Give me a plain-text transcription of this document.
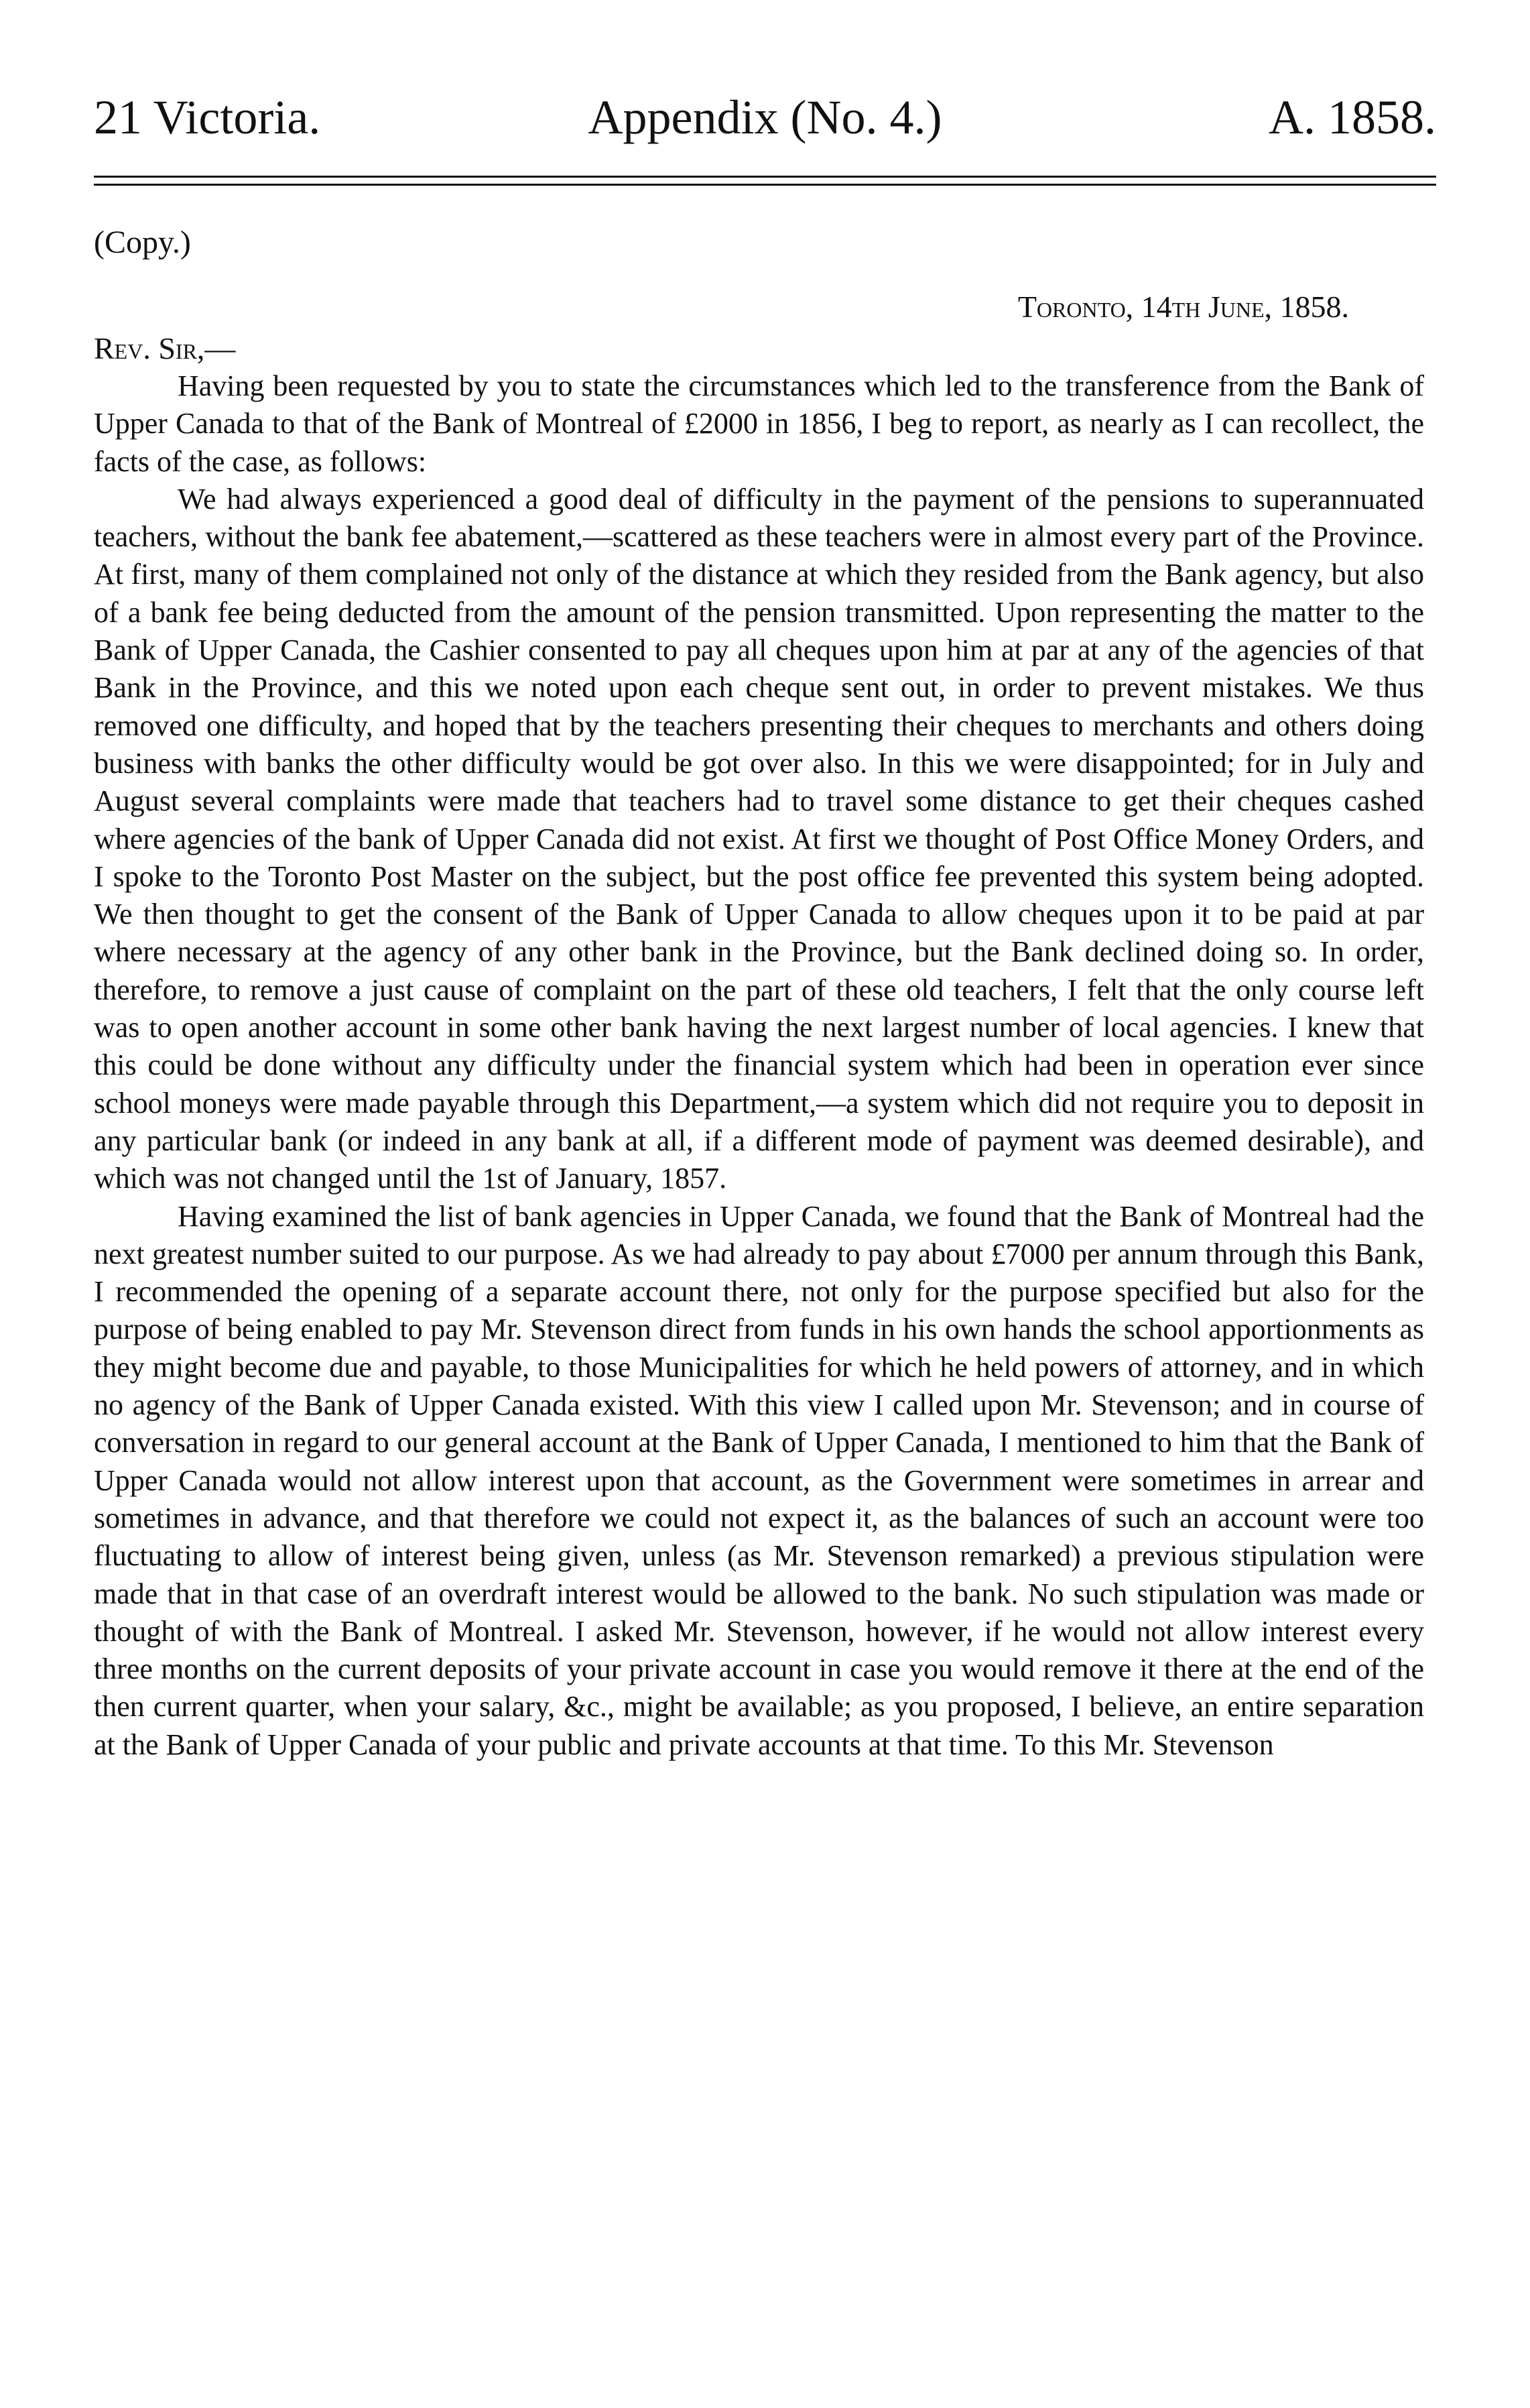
21 Victoria.	Appendix (No. 4.)	A. 1858.
(Copy.)
Toronto, 14th June, 1858.
Rev. Sir,—

Having been requested by you to state the circumstances which led to the transference from the Bank of Upper Canada to that of the Bank of Montreal of £2000 in 1856, I beg to report, as nearly as I can recollect, the facts of the case, as follows:

We had always experienced a good deal of difficulty in the payment of the pensions to superannuated teachers, without the bank fee abatement,—scattered as these teachers were in almost every part of the Province. At first, many of them complained not only of the distance at which they resided from the Bank agency, but also of a bank fee being deducted from the amount of the pension transmitted. Upon representing the matter to the Bank of Upper Canada, the Cashier consented to pay all cheques upon him at par at any of the agencies of that Bank in the Province, and this we noted upon each cheque sent out, in order to prevent mistakes. We thus removed one difficulty, and hoped that by the teachers presenting their cheques to merchants and others doing business with banks the other difficulty would be got over also. In this we were disappointed; for in July and August several complaints were made that teachers had to travel some distance to get their cheques cashed where agencies of the bank of Upper Canada did not exist. At first we thought of Post Office Money Orders, and I spoke to the Toronto Post Master on the subject, but the post office fee prevented this system being adopted. We then thought to get the consent of the Bank of Upper Canada to allow cheques upon it to be paid at par where necessary at the agency of any other bank in the Province, but the Bank declined doing so. In order, therefore, to remove a just cause of complaint on the part of these old teachers, I felt that the only course left was to open another account in some other bank having the next largest number of local agencies. I knew that this could be done without any difficulty under the financial system which had been in operation ever since school moneys were made payable through this Department,—a system which did not require you to deposit in any particular bank (or indeed in any bank at all, if a different mode of payment was deemed desirable), and which was not changed until the 1st of January, 1857.

Having examined the list of bank agencies in Upper Canada, we found that the Bank of Montreal had the next greatest number suited to our purpose. As we had already to pay about £7000 per annum through this Bank, I recommended the opening of a separate account there, not only for the purpose specified but also for the purpose of being enabled to pay Mr. Stevenson direct from funds in his own hands the school apportionments as they might become due and payable, to those Municipalities for which he held powers of attorney, and in which no agency of the Bank of Upper Canada existed. With this view I called upon Mr. Stevenson; and in course of conversation in regard to our general account at the Bank of Upper Canada, I mentioned to him that the Bank of Upper Canada would not allow interest upon that account, as the Government were sometimes in arrear and sometimes in advance, and that therefore we could not expect it, as the balances of such an account were too fluctuating to allow of interest being given, unless (as Mr. Stevenson remarked) a previous stipulation were made that in that case of an overdraft interest would be allowed to the bank. No such stipulation was made or thought of with the Bank of Montreal. I asked Mr. Stevenson, however, if he would not allow interest every three months on the current deposits of your private account in case you would remove it there at the end of the then current quarter, when your salary, &c., might be available; as you proposed, I believe, an entire separation at the Bank of Upper Canada of your public and private accounts at that time. To this Mr. Stevenson
